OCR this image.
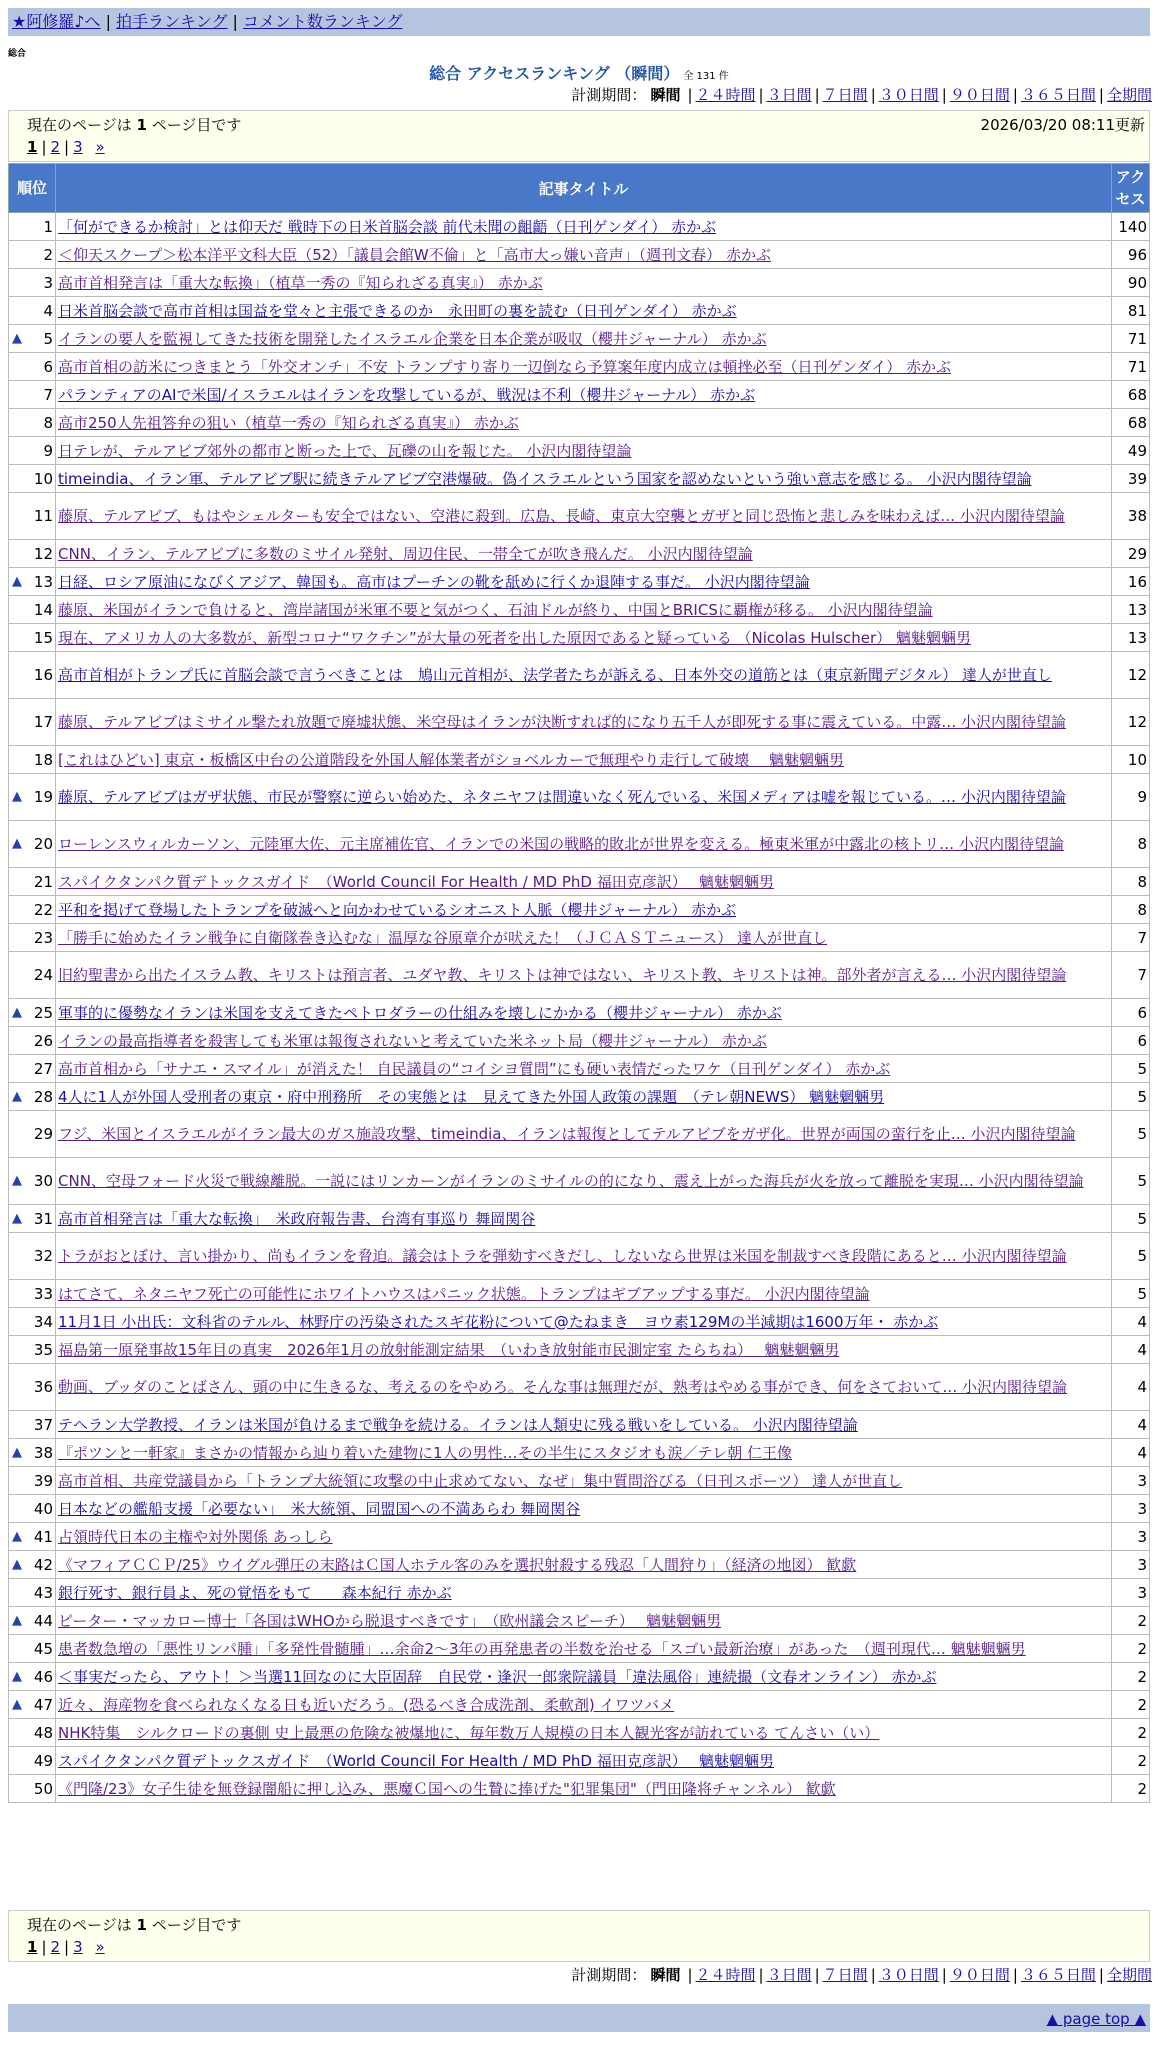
★阿修羅♪へ | 拍手ランキング | コメント数ランキング
総合
総合 アクセスランキング （瞬間） 全 131 件
計測期間： 瞬間 | ２４時間 | ３日間 | ７日間 | ３０日間 | ９０日間 | ３６５日間 | 全期間
現在のページは 1 ページ目です	2026/03/20 08:11更新
1 | 2 | 3 »
順位	記事タイトル	アクセス
1	「何ができるか検討」とは仰天だ 戦時下の日米首脳会談 前代未聞の齟齬（日刊ゲンダイ） 赤かぶ	140
2	＜仰天スクープ＞松本洋平文科大臣（52）「議員会館W不倫」と「高市大っ嫌い音声」（週刊文春） 赤かぶ	96
3	高市首相発言は「重大な転換」（植草一秀の『知られざる真実』） 赤かぶ	90
4	日米首脳会談で高市首相は国益を堂々と主張できるのか　永田町の裏を読む（日刊ゲンダイ） 赤かぶ	81

▲ 5	イランの要人を監視してきた技術を開発したイスラエル企業を日本企業が吸収（櫻井ジャーナル） 赤かぶ	71
6	高市首相の訪米につきまとう「外交オンチ」不安 トランプすり寄り一辺倒なら予算案年度内成立は頓挫必至（日刊ゲンダイ） 赤かぶ	71
7	パランティアのAIで米国/イスラエルはイランを攻撃しているが、戦況は不利（櫻井ジャーナル） 赤かぶ	68
8	高市250人先祖答弁の狙い（植草一秀の『知られざる真実』） 赤かぶ	68
9	日テレが、テルアビブ郊外の都市と断った上で、瓦礫の山を報じた。 小沢内閣待望論	49
10	timeindia、イラン軍、テルアビブ駅に続きテルアビブ空港爆破。偽イスラエルという国家を認めないという強い意志を感じる。 小沢内閣待望論	39
11	藤原、テルアビブ、もはやシェルターも安全ではない、空港に殺到。広島、長崎、東京大空襲とガザと同じ恐怖と悲しみを味わえば… 小沢内閣待望論	38
12	CNN、イラン、テルアビブに多数のミサイル発射、周辺住民、一帯全てが吹き飛んだ。 小沢内閣待望論	29

▲ 13	日経、ロシア原油になびくアジア、韓国も。高市はプーチンの靴を舐めに行くか退陣する事だ。 小沢内閣待望論	16
14	藤原、米国がイランで負けると、湾岸諸国が米軍不要と気がつく、石油ドルが終り、中国とBRICSに覇権が移る。 小沢内閣待望論	13
15	現在、アメリカ人の大多数が、新型コロナ“ワクチン”が大量の死者を出した原因であると疑っている （Nicolas Hulscher） 魑魅魍魎男	13
16	高市首相がトランプ氏に首脳会談で言うべきことは　鳩山元首相が、法学者たちが訴える、日本外交の道筋とは（東京新聞デジタル） 達人が世直し	12
17	藤原、テルアビブはミサイル撃たれ放題で廃墟状態、米空母はイランが決断すれば的になり五千人が即死する事に震えている。中露… 小沢内閣待望論	12
18	[これはひどい] 東京・板橋区中台の公道階段を外国人解体業者がショベルカーで無理やり走行して破壊　 魑魅魍魎男	10

▲ 19	藤原、テルアビブはガザ状態、市民が警察に逆らい始めた、ネタニヤフは間違いなく死んでいる、米国メディアは嘘を報じている。… 小沢内閣待望論	9

▲ 20	ローレンスウィルカーソン、元陸軍大佐、元主席補佐官、イランでの米国の戦略的敗北が世界を変える。極東米軍が中露北の核トリ… 小沢内閣待望論	8
21	スパイクタンパク質デトックスガイド　（World Council For Health / MD PhD 福田克彦訳）　 魑魅魍魎男	8
22	平和を掲げて登場したトランプを破滅へと向かわせているシオニスト人脈（櫻井ジャーナル） 赤かぶ	8
23	「勝手に始めたイラン戦争に自衛隊巻き込むな」温厚な谷原章介が吠えた！（ＪＣＡＳＴニュース） 達人が世直し	7
24	旧約聖書から出たイスラム教、キリストは預言者、ユダヤ教、キリストは神ではない、キリスト教、キリストは神。部外者が言える… 小沢内閣待望論	7

▲ 25	軍事的に優勢なイランは米国を支えてきたペトロダラーの仕組みを壊しにかかる（櫻井ジャーナル） 赤かぶ	6
26	イランの最高指導者を殺害しても米軍は報復されないと考えていた米ネット局（櫻井ジャーナル） 赤かぶ	6
27	高市首相から「サナエ・スマイル」が消えた！ 自民議員の“コイシヨ質問”にも硬い表情だったワケ（日刊ゲンダイ） 赤かぶ	5

▲ 28	4人に1人が外国人受刑者の東京・府中刑務所　その実態とは　見えてきた外国人政策の課題　（テレ朝NEWS） 魑魅魍魎男	5
29	フジ、米国とイスラエルがイラン最大のガス施設攻撃、timeindia、イランは報復としてテルアビブをガザ化。世界が両国の蛮行を止… 小沢内閣待望論	5

▲ 30	CNN、空母フォード火災で戦線離脱。一説にはリンカーンがイランのミサイルの的になり、震え上がった海兵が火を放って離脱を実現… 小沢内閣待望論	5

▲ 31	高市首相発言は「重大な転換」　米政府報告書、台湾有事巡り 舞岡関谷	5
32	トラがおとぼけ、言い掛かり、尚もイランを脅迫。議会はトラを弾劾すべきだし、しないなら世界は米国を制裁すべき段階にあると… 小沢内閣待望論	5
33	はてさて、ネタニヤフ死亡の可能性にホワイトハウスはパニック状態。トランプはギブアップする事だ。 小沢内閣待望論	5
34	11月1日 小出氏：文科省のテルル、林野庁の汚染されたスギ花粉について@たねまき　ヨウ素129Mの半減期は1600万年・ 赤かぶ	4
35	福島第一原発事故15年目の真実　2026年1月の放射能測定結果　（いわき放射能市民測定室 たらちね）　 魑魅魍魎男	4
36	動画、ブッダのことばさん、頭の中に生きるな、考えるのをやめろ。そんな事は無理だが、熟考はやめる事ができ、何をさておいて… 小沢内閣待望論	4
37	テヘラン大学教授、イランは米国が負けるまで戦争を続ける。イランは人類史に残る戦いをしている。 小沢内閣待望論	4

▲ 38	『ポツンと一軒家』まさかの情報から辿り着いた建物に1人の男性…その半生にスタジオも涙／テレ朝 仁王像	4
39	高市首相、共産党議員から「トランプ大統領に攻撃の中止求めてない、なぜ」集中質問浴びる（日刊スポーツ） 達人が世直し	3
40	日本などの艦船支援「必要ない」　米大統領、同盟国への不満あらわ 舞岡関谷	3

▲ 41	占領時代日本の主権や対外関係 あっしら	3

▲ 42	《マフィアＣＣＰ/25》ウイグル弾圧の末路はＣ国人ホテル客のみを選択射殺する残忍「人間狩り」（経済の地図） 歓歔	3
43	銀行死す、銀行員よ、死の覚悟をもて　　森本紀行 赤かぶ	3

▲ 44	ピーター・マッカロー博士「各国はWHOから脱退すべきです」　（欧州議会スピーチ）　 魑魅魍魎男	2
45	患者数急増の「悪性リンパ腫」「多発性骨髄腫」…余命2～3年の再発患者の半数を治せる「スゴい最新治療」があった　（週刊現代… 魑魅魍魎男	2

▲ 46	＜事実だったら、アウト！＞当選11回なのに大臣固辞　自民党・逢沢一郎衆院議員「違法風俗」連続撮（文春オンライン） 赤かぶ	2

▲ 47	近々、海産物を食べられなくなる日も近いだろう。(恐るべき合成洗剤、柔軟剤) イワツバメ	2
48	NHK特集　シルクロードの裏側 史上最悪の危険な被爆地に、毎年数万人規模の日本人観光客が訪れている てんさい（い）	2
49	スパイクタンパク質デトックスガイド　（World Council For Health / MD PhD 福田克彦訳）　 魑魅魍魎男	2
50	《門隆/23》女子生徒を無登録闇船に押し込み、悪魔Ｃ国への生贄に捧げた"犯罪集団"（門田隆将チャンネル） 歓歔	2
現在のページは 1 ページ目です
1 | 2 | 3 »
計測期間： 瞬間 | ２４時間 | ３日間 | ７日間 | ３０日間 | ９０日間 | ３６５日間 | 全期間
▲ page top ▲
